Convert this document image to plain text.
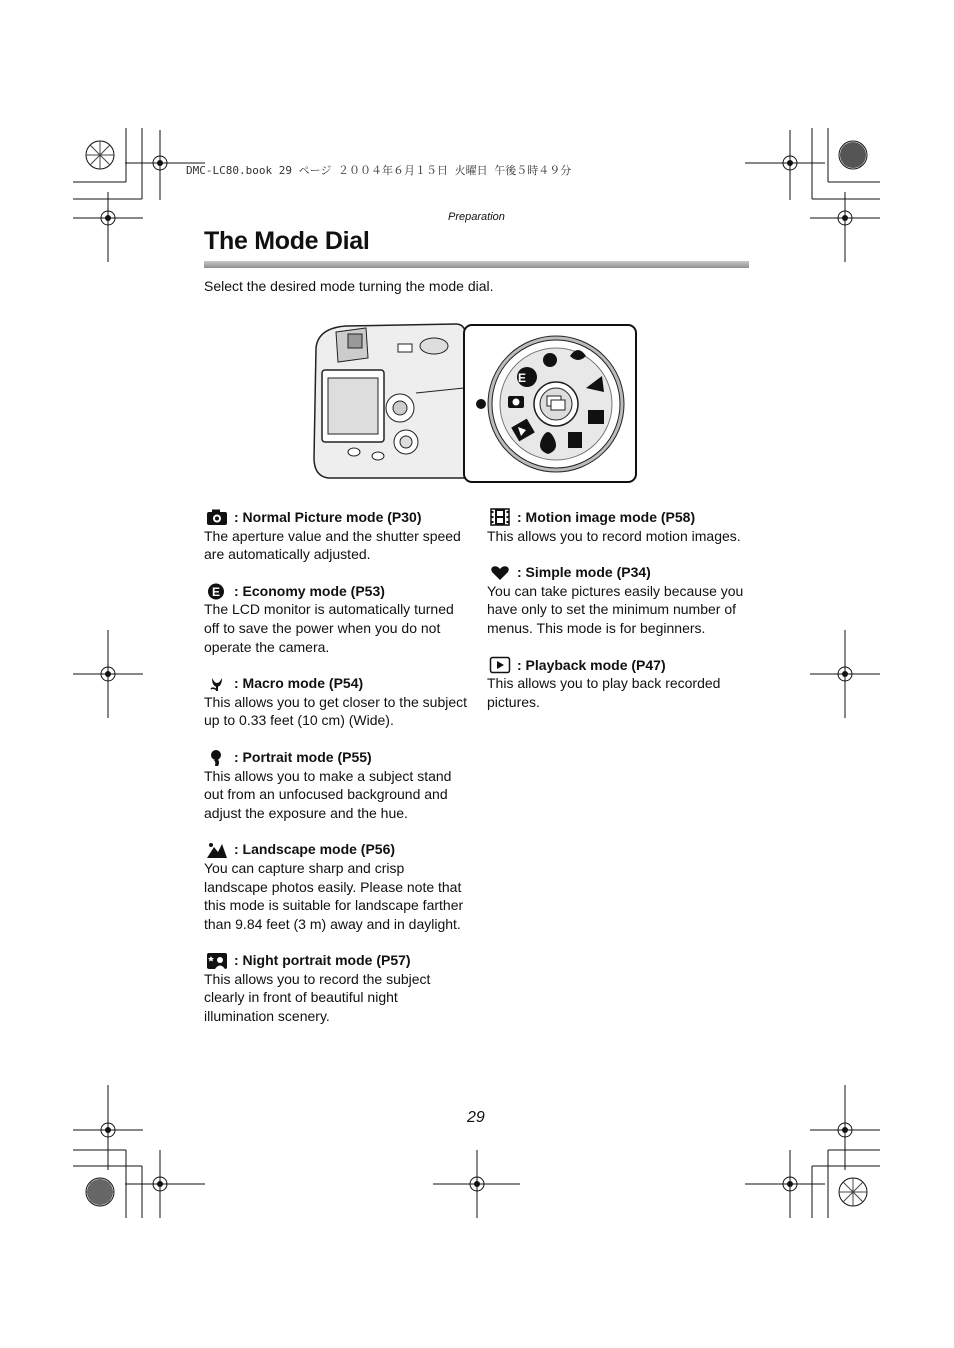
DMC-LC80.book 29 ページ ２００４年６月１５日 火曜日 午後５時４９分
Preparation
The Mode Dial
Select the desired mode turning the mode dial.
E
: Normal Picture mode (P30)
The aperture value and the shutter speed are automatically adjusted.
E : Economy mode (P53)
The LCD monitor is automatically turned off to save the power when you do not operate the camera.
: Macro mode (P54)
This allows you to get closer to the subject up to 0.33 feet (10 cm) (Wide).
: Portrait mode (P55)
This allows you to make a subject stand out from an unfocused background and adjust the exposure and the hue.
: Landscape mode (P56)
You can capture sharp and crisp landscape photos easily. Please note that this mode is suitable for landscape farther than 9.84 feet (3 m) away and in daylight.
: Night portrait mode (P57)
This allows you to record the subject clearly in front of beautiful night illumination scenery.
: Motion image mode (P58)
This allows you to record motion images.
: Simple mode (P34)
You can take pictures easily because you have only to set the minimum number of menus. This mode is for beginners.
: Playback mode (P47)
This allows you to play back recorded pictures.
29
